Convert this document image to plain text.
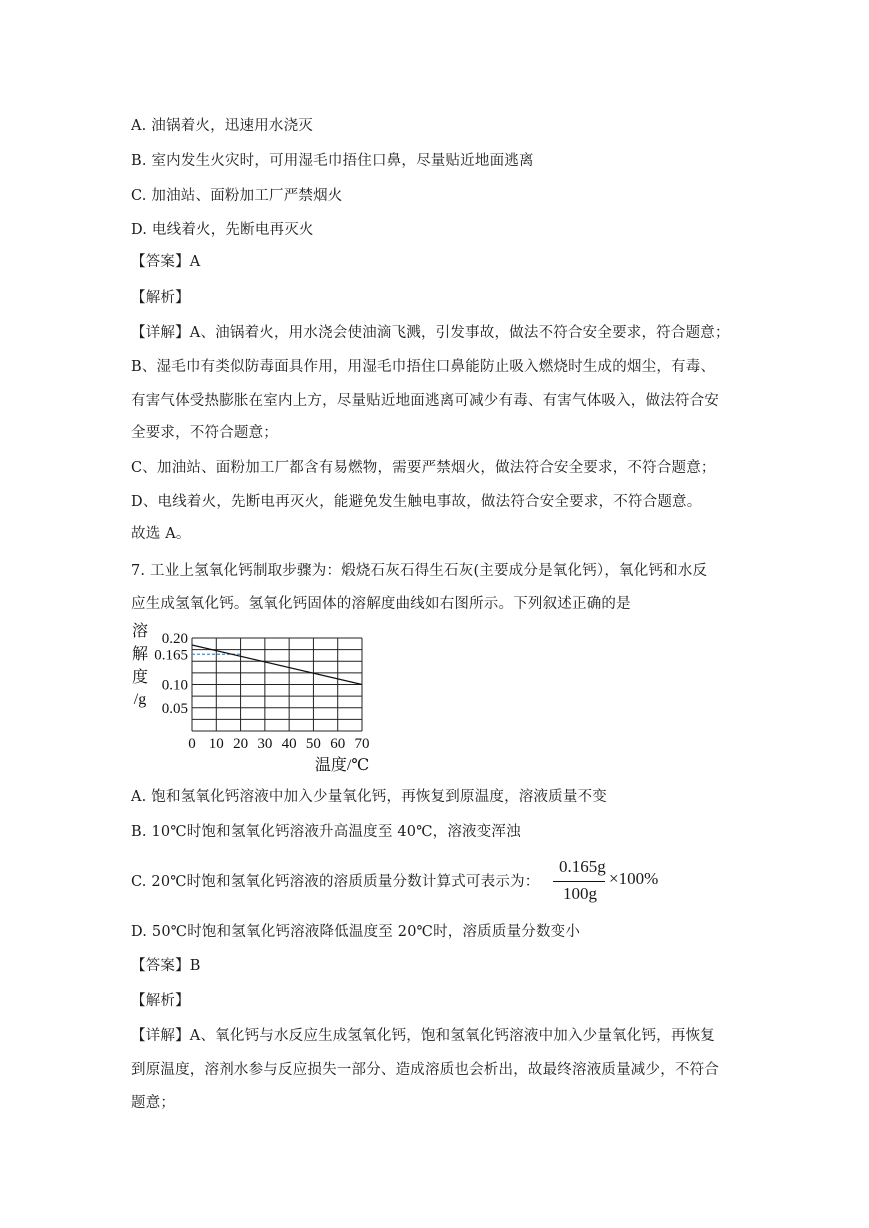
A. 油锅着火，迅速用水浇灭
B. 室内发生火灾时，可用湿毛巾捂住口鼻，尽量贴近地面逃离
C. 加油站、面粉加工厂严禁烟火
D. 电线着火，先断电再灭火
【答案】A
【解析】
【详解】A、油锅着火，用水浇会使油滴飞溅，引发事故，做法不符合安全要求，符合题意；
B、湿毛巾有类似防毒面具作用，用湿毛巾捂住口鼻能防止吸入燃烧时生成的烟尘，有毒、
有害气体受热膨胀在室内上方，尽量贴近地面逃离可减少有毒、有害气体吸入，做法符合安
全要求，不符合题意；
C、加油站、面粉加工厂都含有易燃物，需要严禁烟火，做法符合安全要求，不符合题意；
D、电线着火，先断电再灭火，能避免发生触电事故，做法符合安全要求，不符合题意。
故选 A。
7. 工业上氢氧化钙制取步骤为：煅烧石灰石得生石灰(主要成分是氧化钙），氧化钙和水反
应生成氢氧化钙。氢氧化钙固体的溶解度曲线如右图所示。下列叙述正确的是
0.20
0.165
0.10
0.05
0 10 20 30 40 50 60 70
溶
解
度
/g
温度/℃
A. 饱和氢氧化钙溶液中加入少量氧化钙，再恢复到原温度，溶液质量不变
B. 10℃时饱和氢氧化钙溶液升高温度至 40℃，溶液变浑浊
C. 20℃时饱和氢氧化钙溶液的溶质质量分数计算式可表示为：
0.165g
100g
×100%
D. 50℃时饱和氢氧化钙溶液降低温度至 20℃时，溶质质量分数变小
【答案】B
【解析】
【详解】A、氧化钙与水反应生成氢氧化钙，饱和氢氧化钙溶液中加入少量氧化钙，再恢复
到原温度，溶剂水参与反应损失一部分、造成溶质也会析出，故最终溶液质量减少，不符合
题意；
